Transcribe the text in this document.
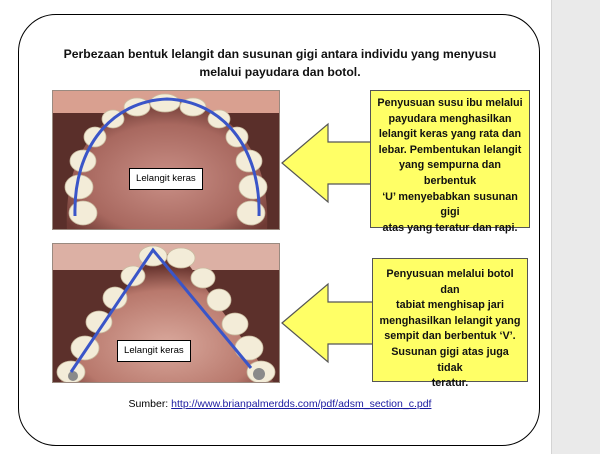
Perbezaan bentuk lelangit dan susunan gigi antara individu yang menyusu
melalui payudara dan botol.
Lelangit keras
Penyusuan susu ibu melalui
payudara menghasilkan
lelangit keras yang rata dan
lebar. Pembentukan lelangit
yang sempurna dan berbentuk
‘U’ menyebabkan susunan gigi
atas yang teratur dan rapi.
Lelangit keras
Penyusuan melalui botol dan
tabiat menghisap jari
menghasilkan lelangit yang
sempit dan berbentuk ‘V’.
Susunan gigi atas juga tidak
teratur.
Sumber: http://www.brianpalmerdds.com/pdf/adsm_section_c.pdf
